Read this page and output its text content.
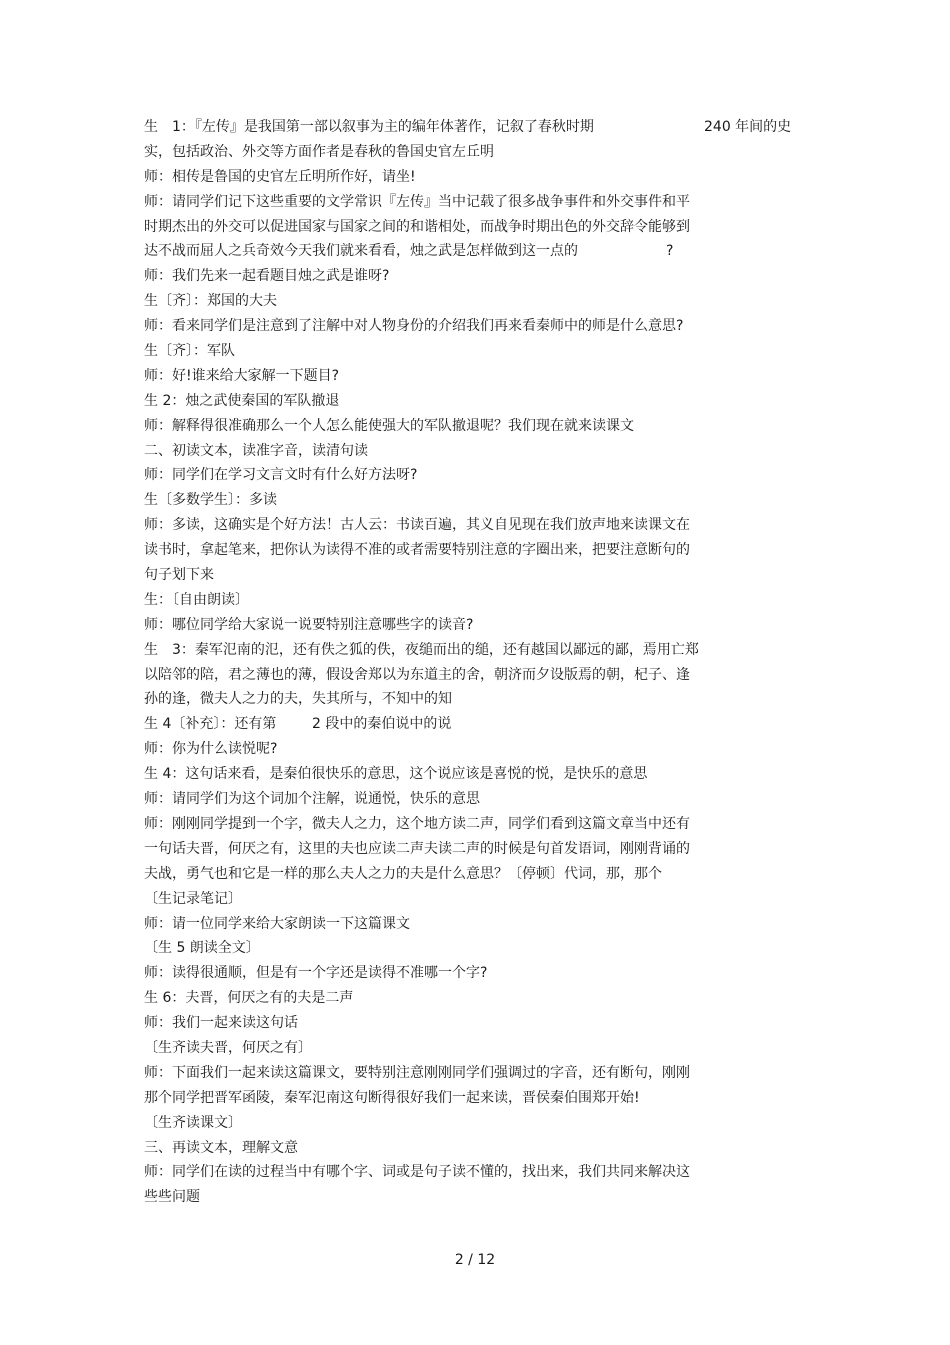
生　1：『左传』是我国第一部以叙事为主的编年体著作，记叙了春秋时期	240 年间的史
实，包括政治、外交等方面作者是春秋的鲁国史官左丘明
师：相传是鲁国的史官左丘明所作好，请坐!
师：请同学们记下这些重要的文学常识『左传』当中记载了很多战争事件和外交事件和平
时期杰出的外交可以促进国家与国家之间的和谐相处，而战争时期出色的外交辞令能够到
达不战而屈人之兵奇效今天我们就来看看，烛之武是怎样做到这一点的	?
师：我们先来一起看题目烛之武是谁呀?
生〔齐〕：郑国的大夫
师：看来同学们是注意到了注解中对人物身份的介绍我们再来看秦师中的师是什么意思?
生〔齐〕：军队
师：好!谁来给大家解一下题目?
生 2：烛之武使秦国的军队撤退
师：解释得很准确那么一个人怎么能使强大的军队撤退呢？我们现在就来读课文
二、初读文本，读准字音，读清句读
师：同学们在学习文言文时有什么好方法呀?
生〔多数学生〕：多读
师：多读，这确实是个好方法！古人云：书读百遍，其义自见现在我们放声地来读课文在
读书时，拿起笔来，把你认为读得不准的或者需要特别注意的字圈出来，把要注意断句的
句子划下来
生：〔自由朗读〕
师：哪位同学给大家说一说要特别注意哪些字的读音?
生　3：秦军氾南的氾，还有佚之狐的佚，夜缒而出的缒，还有越国以鄙远的鄙，焉用亡郑
以陪邻的陪，君之薄也的薄，假设舍郑以为东道主的舍，朝济而夕设版焉的朝，杞子、逢
孙的逢，微夫人之力的夫，失其所与，不知中的知
生 4〔补充〕：还有第	2 段中的秦伯说中的说
师：你为什么读悦呢?
生 4：这句话来看，是秦伯很快乐的意思，这个说应该是喜悦的悦，是快乐的意思
师：请同学们为这个词加个注解，说通悦，快乐的意思
师：刚刚同学提到一个字，微夫人之力，这个地方读二声，同学们看到这篇文章当中还有
一句话夫晋，何厌之有，这里的夫也应读二声夫读二声的时候是句首发语词，刚刚背诵的
夫战，勇气也和它是一样的那么夫人之力的夫是什么意思？〔停顿〕代词，那，那个
〔生记录笔记〕
师：请一位同学来给大家朗读一下这篇课文
〔生 5 朗读全文〕
师：读得很通顺，但是有一个字还是读得不准哪一个字?
生 6：夫晋，何厌之有的夫是二声
师：我们一起来读这句话
〔生齐读夫晋，何厌之有〕
师：下面我们一起来读这篇课文，要特别注意刚刚同学们强调过的字音，还有断句，刚刚
那个同学把晋军函陵，秦军氾南这句断得很好我们一起来读，晋侯秦伯围郑开始!
〔生齐读课文〕
三、再读文本，理解文意
师：同学们在读的过程当中有哪个字、词或是句子读不懂的，找出来，我们共同来解决这
些些问题
2 / 12
